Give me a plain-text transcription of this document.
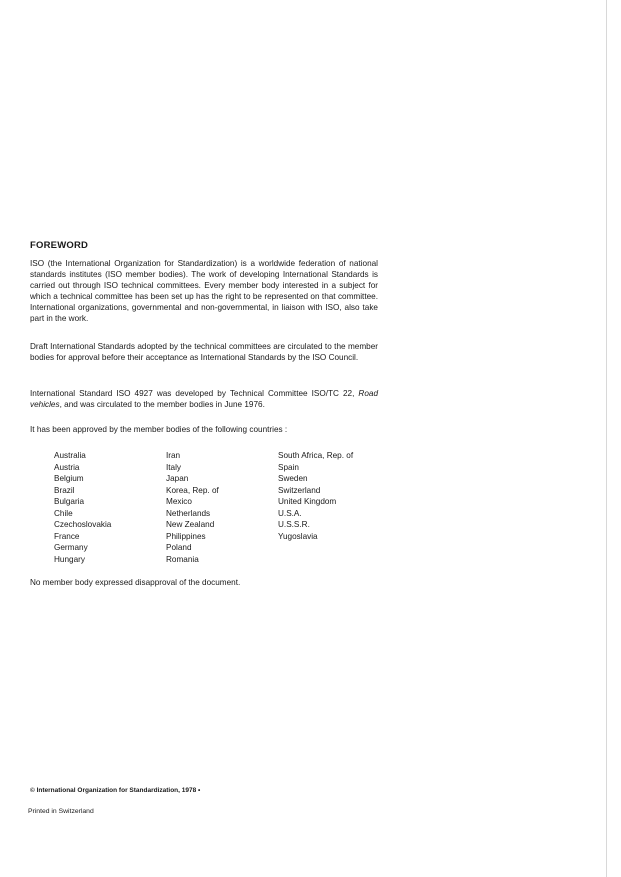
FOREWORD

ISO (the International Organization for Standardization) is a worldwide federation of national standards institutes (ISO member bodies). The work of developing International Standards is carried out through ISO technical committees. Every member body interested in a subject for which a technical committee has been set up has the right to be represented on that committee. International organizations, governmental and non-governmental, in liaison with ISO, also take part in the work.

Draft International Standards adopted by the technical committees are circulated to the member bodies for approval before their acceptance as International Standards by the ISO Council.

International Standard ISO 4927 was developed by Technical Committee ISO/TC 22, Road vehicles, and was circulated to the member bodies in June 1976.

It has been approved by the member bodies of the following countries :

Australia
Austria
Belgium
Brazil
Bulgaria
Chile
Czechoslovakia
France
Germany
Hungary
Iran
Italy
Japan
Korea, Rep. of
Mexico
Netherlands
New Zealand
Philippines
Poland
Romania
South Africa, Rep. of
Spain
Sweden
Switzerland
United Kingdom
U.S.A.
U.S.S.R.
Yugoslavia

No member body expressed disapproval of the document.

© International Organization for Standardization, 1978 •
Printed in Switzerland
